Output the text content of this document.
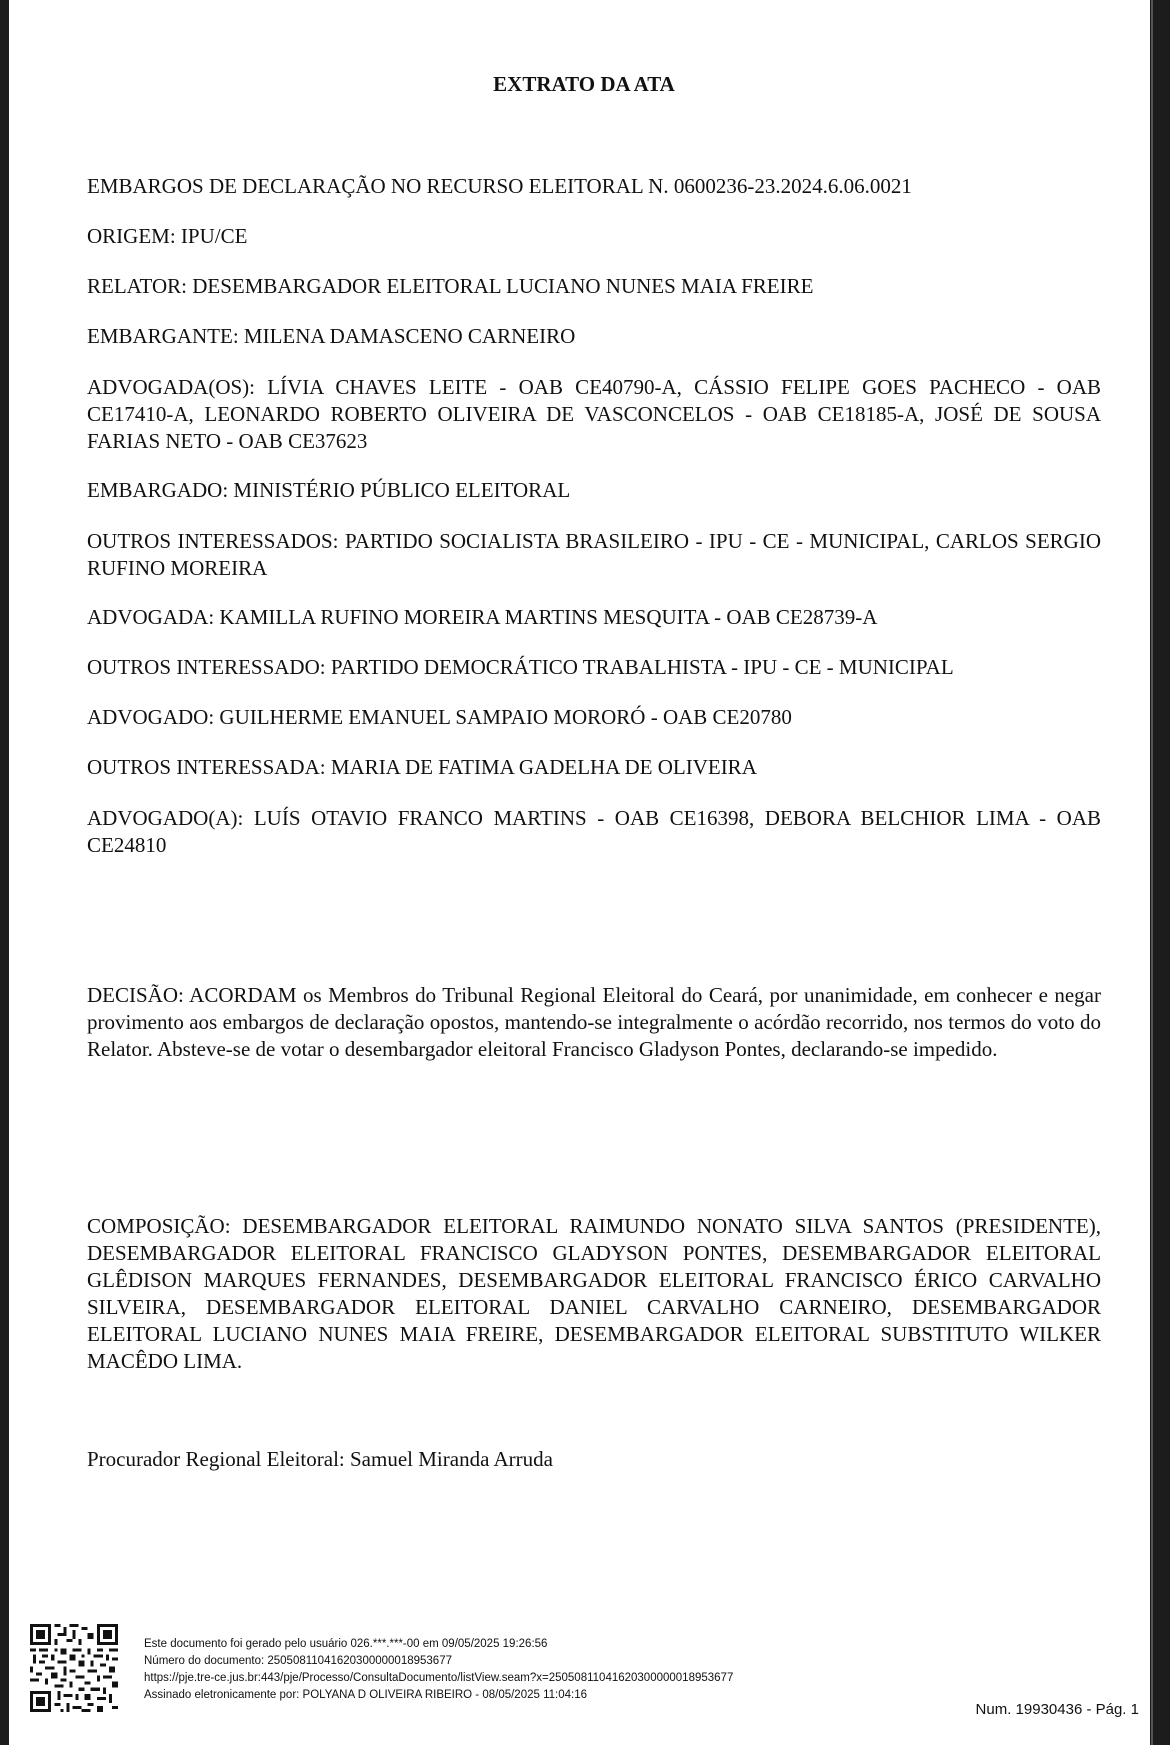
EXTRATO DA ATA

EMBARGOS DE DECLARAÇÃO NO RECURSO ELEITORAL N. 0600236-23.2024.6.06.0021

ORIGEM: IPU/CE

RELATOR: DESEMBARGADOR ELEITORAL LUCIANO NUNES MAIA FREIRE

EMBARGANTE: MILENA DAMASCENO CARNEIRO

ADVOGADA(OS): LÍVIA CHAVES LEITE - OAB CE40790-A, CÁSSIO FELIPE GOES PACHECO - OAB CE17410-A, LEONARDO ROBERTO OLIVEIRA DE VASCONCELOS - OAB CE18185-A, JOSÉ DE SOUSA FARIAS NETO - OAB CE37623

EMBARGADO: MINISTÉRIO PÚBLICO ELEITORAL

OUTROS INTERESSADOS: PARTIDO SOCIALISTA BRASILEIRO - IPU - CE - MUNICIPAL, CARLOS SERGIO RUFINO MOREIRA

ADVOGADA: KAMILLA RUFINO MOREIRA MARTINS MESQUITA - OAB CE28739-A

OUTROS INTERESSADO: PARTIDO DEMOCRÁTICO TRABALHISTA - IPU - CE - MUNICIPAL

ADVOGADO: GUILHERME EMANUEL SAMPAIO MORORÓ - OAB CE20780

OUTROS INTERESSADA: MARIA DE FATIMA GADELHA DE OLIVEIRA

ADVOGADO(A): LUÍS OTAVIO FRANCO MARTINS - OAB CE16398, DEBORA BELCHIOR LIMA - OAB CE24810

DECISÃO: ACORDAM os Membros do Tribunal Regional Eleitoral do Ceará, por unanimidade, em conhecer e negar provimento aos embargos de declaração opostos, mantendo-se integralmente o acórdão recorrido, nos termos do voto do Relator. Absteve-se de votar o desembargador eleitoral Francisco Gladyson Pontes, declarando-se impedido.

COMPOSIÇÃO: DESEMBARGADOR ELEITORAL RAIMUNDO NONATO SILVA SANTOS (PRESIDENTE), DESEMBARGADOR ELEITORAL FRANCISCO GLADYSON PONTES, DESEMBARGADOR ELEITORAL GLÊDISON MARQUES FERNANDES, DESEMBARGADOR ELEITORAL FRANCISCO ÉRICO CARVALHO SILVEIRA, DESEMBARGADOR ELEITORAL DANIEL CARVALHO CARNEIRO, DESEMBARGADOR ELEITORAL LUCIANO NUNES MAIA FREIRE, DESEMBARGADOR ELEITORAL SUBSTITUTO WILKER MACÊDO LIMA.

Procurador Regional Eleitoral: Samuel Miranda Arruda

Este documento foi gerado pelo usuário 026.***.***-00 em 09/05/2025 19:26:56
Número do documento: 25050811041620300000018953677
https://pje.tre-ce.jus.br:443/pje/Processo/ConsultaDocumento/listView.seam?x=25050811041620300000018953677
Assinado eletronicamente por: POLYANA D OLIVEIRA RIBEIRO - 08/05/2025 11:04:16
Num. 19930436 - Pág. 1
